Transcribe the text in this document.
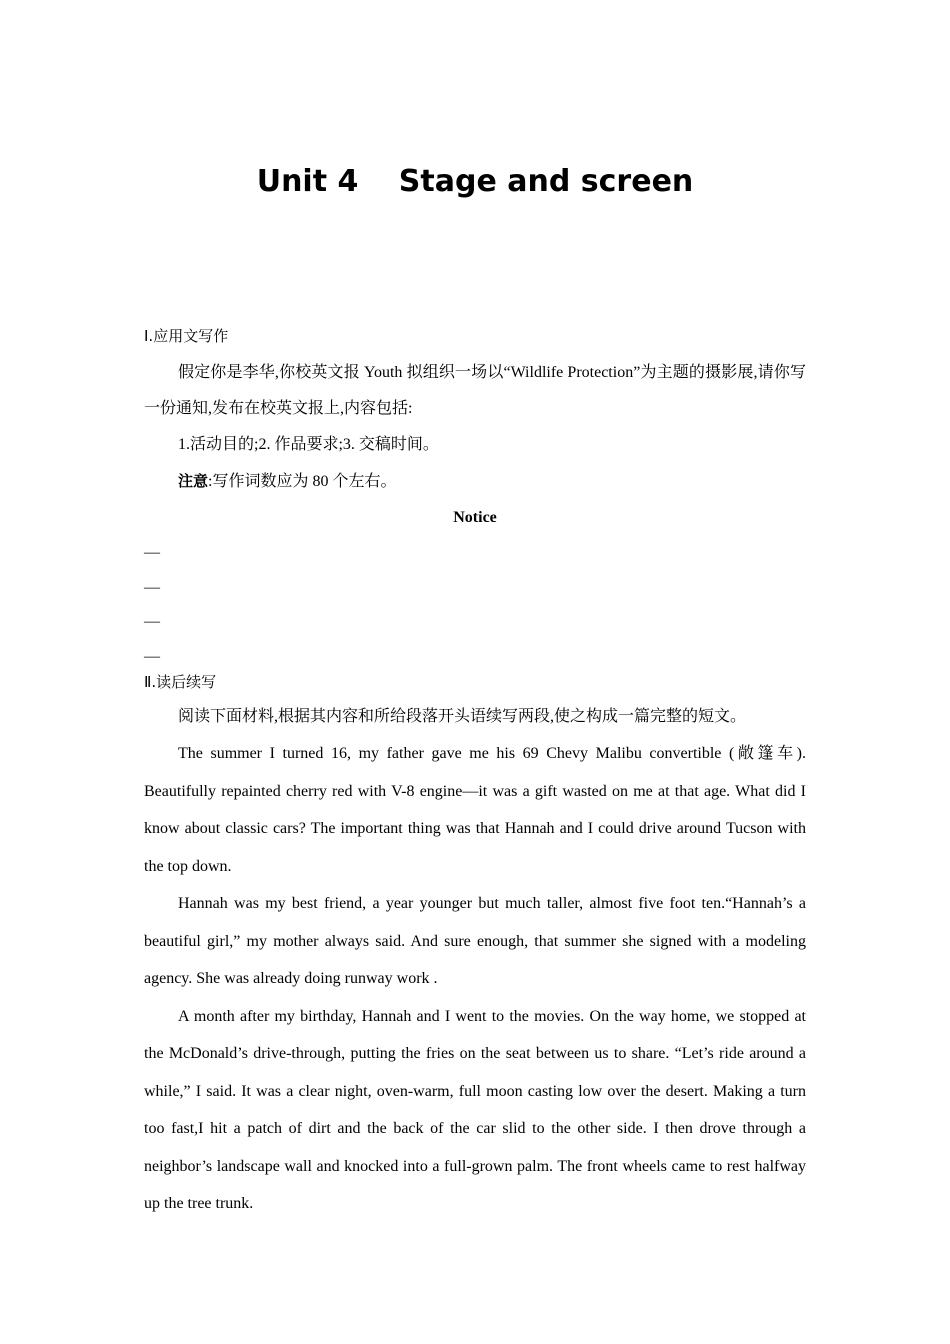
Unit 4　 Stage and screen

Ⅰ.应用文写作

假定你是李华,你校英文报 Youth 拟组织一场以“Wildlife Protection”为主题的摄影展,请你写一份通知,发布在校英文报上,内容包括:

1.活动目的;2. 作品要求;3. 交稿时间。

注意:写作词数应为 80 个左右。

Notice

—

—

—

—

Ⅱ.读后续写

阅读下面材料,根据其内容和所给段落开头语续写两段,使之构成一篇完整的短文。

The summer I turned 16, my father gave me his 69 Chevy Malibu convertible (敞篷车). Beautifully repainted cherry red with V-8 engine—it was a gift wasted on me at that age. What did I know about classic cars? The important thing was that Hannah and I could drive around Tucson with the top down.

Hannah was my best friend, a year younger but much taller, almost five foot ten.“Hannah’s a beautiful girl,” my mother always said. And sure enough, that summer she signed with a modeling agency. She was already doing runway work .

A month after my birthday, Hannah and I went to the movies. On the way home, we stopped at the McDonald’s drive-through, putting the fries on the seat between us to share. “Let’s ride around a while,” I said. It was a clear night, oven-warm, full moon casting low over the desert. Making a turn too fast,I hit a patch of dirt and the back of the car slid to the other side. I then drove through a neighbor’s landscape wall and knocked into a full-grown palm. The front wheels came to rest halfway up the tree trunk.
